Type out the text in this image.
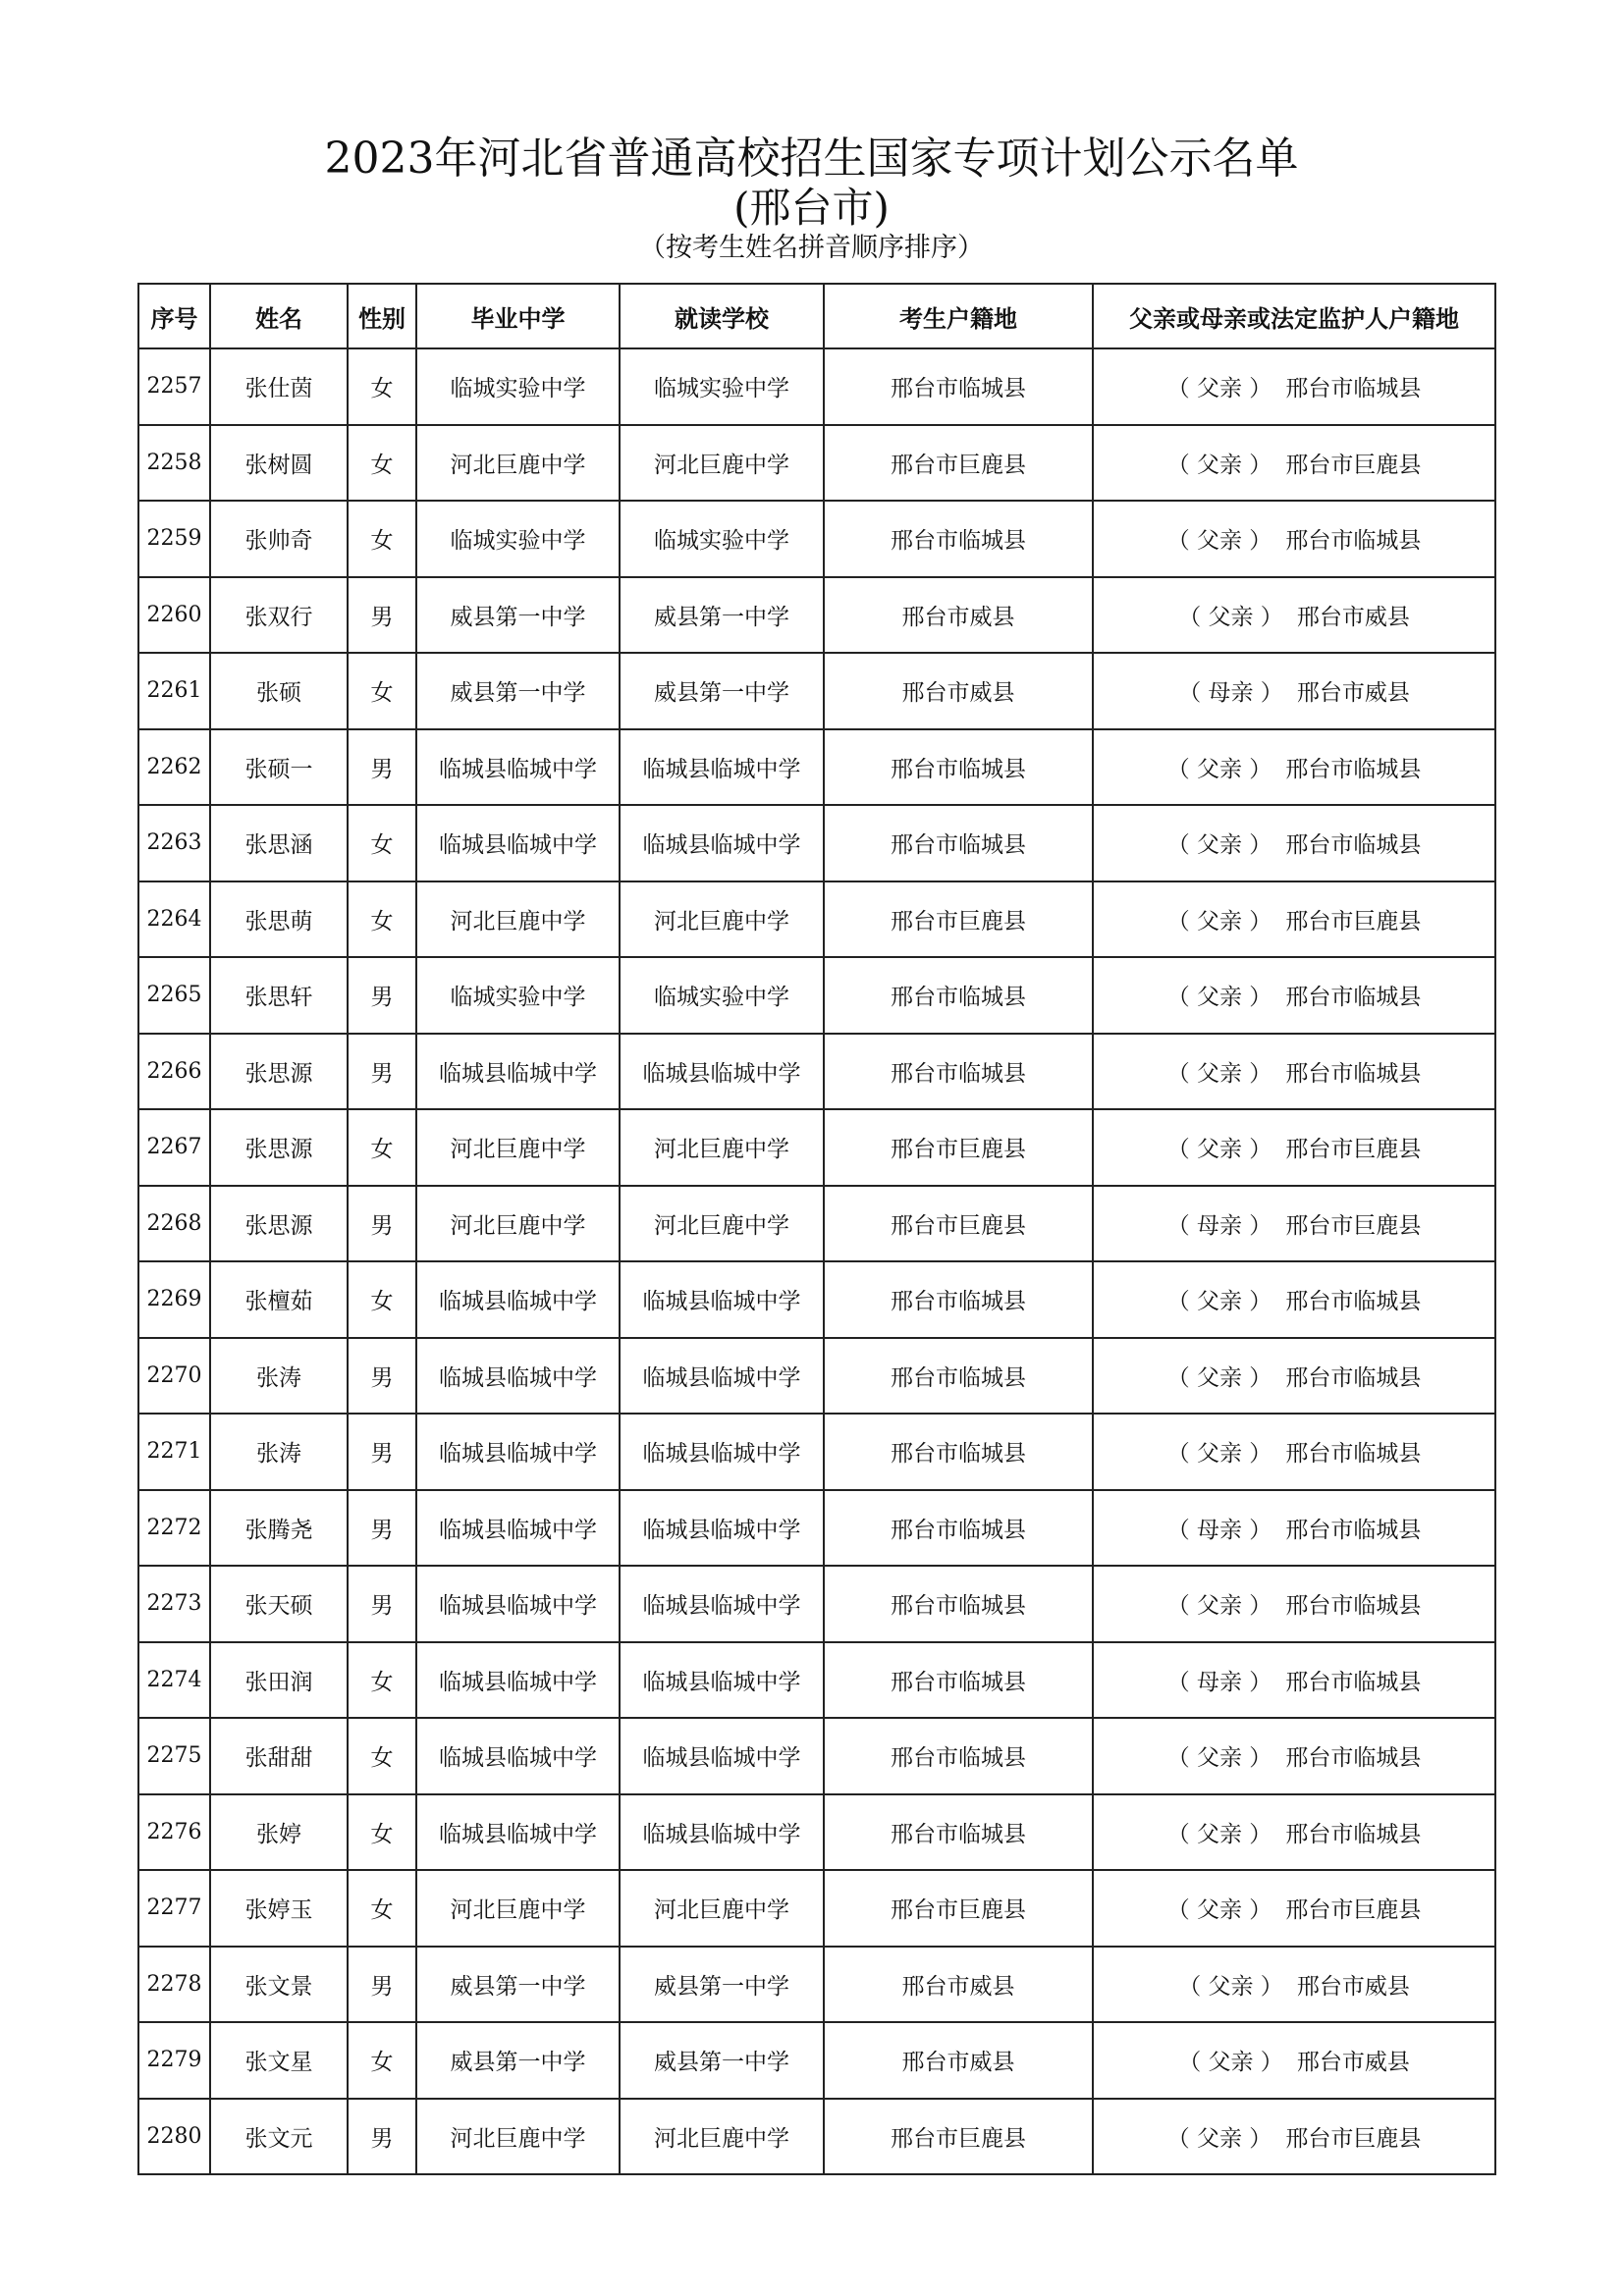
2023年河北省普通高校招生国家专项计划公示名单
(邢台市)
（按考生姓名拼音顺序排序）
序号	姓名	性别	毕业中学	就读学校	考生户籍地	父亲或母亲或法定监护人户籍地
2257	张仕茵	女	临城实验中学	临城实验中学	邢台市临城县	（ 父亲 ） 邢台市临城县
2258	张树圆	女	河北巨鹿中学	河北巨鹿中学	邢台市巨鹿县	（ 父亲 ） 邢台市巨鹿县
2259	张帅奇	女	临城实验中学	临城实验中学	邢台市临城县	（ 父亲 ） 邢台市临城县
2260	张双行	男	威县第一中学	威县第一中学	邢台市威县	（ 父亲 ） 邢台市威县
2261	张硕	女	威县第一中学	威县第一中学	邢台市威县	（ 母亲 ） 邢台市威县
2262	张硕一	男	临城县临城中学	临城县临城中学	邢台市临城县	（ 父亲 ） 邢台市临城县
2263	张思涵	女	临城县临城中学	临城县临城中学	邢台市临城县	（ 父亲 ） 邢台市临城县
2264	张思萌	女	河北巨鹿中学	河北巨鹿中学	邢台市巨鹿县	（ 父亲 ） 邢台市巨鹿县
2265	张思轩	男	临城实验中学	临城实验中学	邢台市临城县	（ 父亲 ） 邢台市临城县
2266	张思源	男	临城县临城中学	临城县临城中学	邢台市临城县	（ 父亲 ） 邢台市临城县
2267	张思源	女	河北巨鹿中学	河北巨鹿中学	邢台市巨鹿县	（ 父亲 ） 邢台市巨鹿县
2268	张思源	男	河北巨鹿中学	河北巨鹿中学	邢台市巨鹿县	（ 母亲 ） 邢台市巨鹿县
2269	张檀茹	女	临城县临城中学	临城县临城中学	邢台市临城县	（ 父亲 ） 邢台市临城县
2270	张涛	男	临城县临城中学	临城县临城中学	邢台市临城县	（ 父亲 ） 邢台市临城县
2271	张涛	男	临城县临城中学	临城县临城中学	邢台市临城县	（ 父亲 ） 邢台市临城县
2272	张腾尧	男	临城县临城中学	临城县临城中学	邢台市临城县	（ 母亲 ） 邢台市临城县
2273	张天硕	男	临城县临城中学	临城县临城中学	邢台市临城县	（ 父亲 ） 邢台市临城县
2274	张田润	女	临城县临城中学	临城县临城中学	邢台市临城县	（ 母亲 ） 邢台市临城县
2275	张甜甜	女	临城县临城中学	临城县临城中学	邢台市临城县	（ 父亲 ） 邢台市临城县
2276	张婷	女	临城县临城中学	临城县临城中学	邢台市临城县	（ 父亲 ） 邢台市临城县
2277	张婷玉	女	河北巨鹿中学	河北巨鹿中学	邢台市巨鹿县	（ 父亲 ） 邢台市巨鹿县
2278	张文景	男	威县第一中学	威县第一中学	邢台市威县	（ 父亲 ） 邢台市威县
2279	张文星	女	威县第一中学	威县第一中学	邢台市威县	（ 父亲 ） 邢台市威县
2280	张文元	男	河北巨鹿中学	河北巨鹿中学	邢台市巨鹿县	（ 父亲 ） 邢台市巨鹿县
